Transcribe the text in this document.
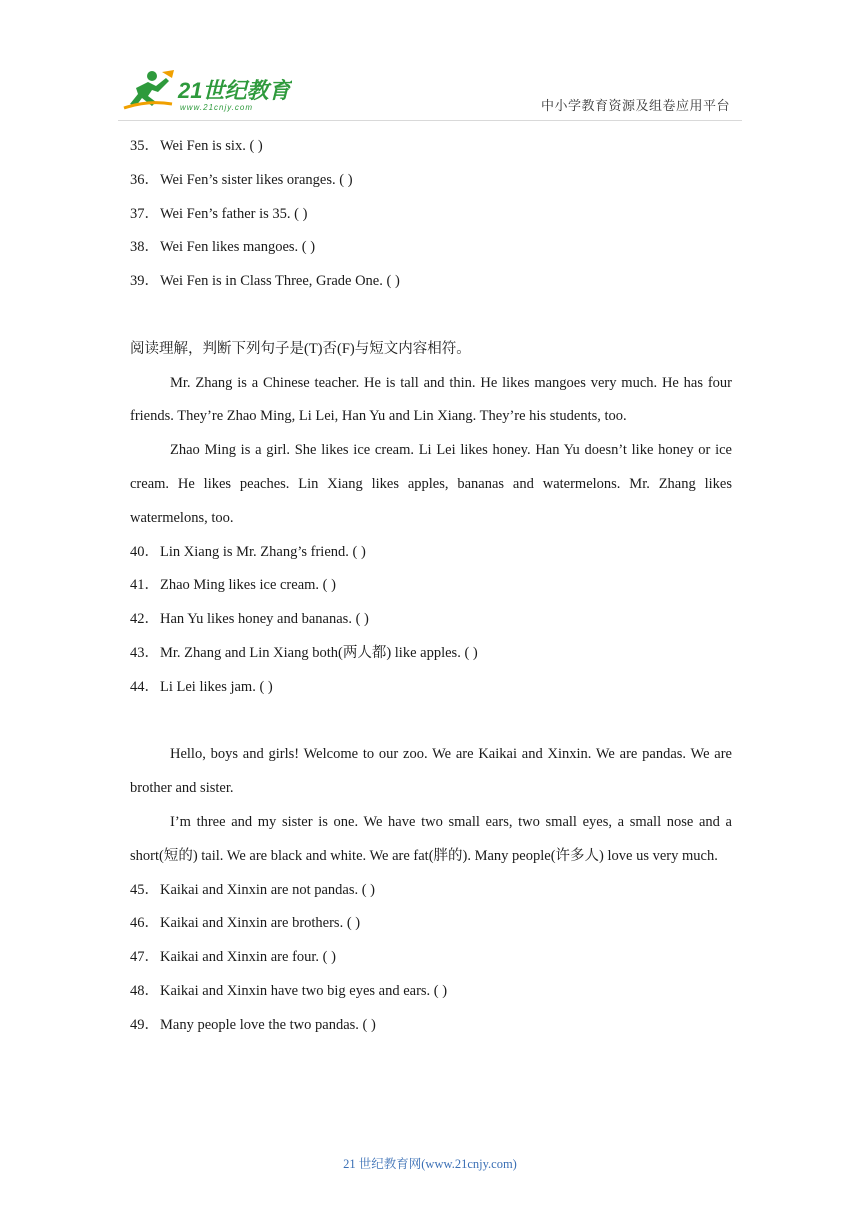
21世纪教育
www.21cnjy.com	中小学教育资源及组卷应用平台
35．Wei Fen is six. ( )
36．Wei Fen’s sister likes oranges. ( )
37．Wei Fen’s father is 35. ( )
38．Wei Fen likes mangoes. ( )
39．Wei Fen is in Class Three, Grade One. ( )
阅读理解，判断下列句子是(T)否(F)与短文内容相符。
Mr. Zhang is a Chinese teacher. He is tall and thin. He likes mangoes very much. He has four friends. They’re Zhao Ming, Li Lei, Han Yu and Lin Xiang. They’re his students, too.
Zhao Ming is a girl. She likes ice cream. Li Lei likes honey. Han Yu doesn’t like honey or ice cream. He likes peaches. Lin Xiang likes apples, bananas and watermelons. Mr. Zhang likes watermelons, too.
40．Lin Xiang is Mr. Zhang’s friend. ( )
41．Zhao Ming likes ice cream. ( )
42．Han Yu likes honey and bananas. ( )
43．Mr. Zhang and Lin Xiang both(两人都) like apples. ( )
44．Li Lei likes jam. ( )
Hello, boys and girls! Welcome to our zoo. We are Kaikai and Xinxin. We are pandas. We are brother and sister.
I’m three and my sister is one. We have two small ears, two small eyes, a small nose and a short(短的) tail. We are black and white. We are fat(胖的). Many people(许多人) love us very much.
45．Kaikai and Xinxin are not pandas. ( )
46．Kaikai and Xinxin are brothers. ( )
47．Kaikai and Xinxin are four. ( )
48．Kaikai and Xinxin have two big eyes and ears. ( )
49．Many people love the two pandas. ( )
21 世纪教育网(www.21cnjy.com)
